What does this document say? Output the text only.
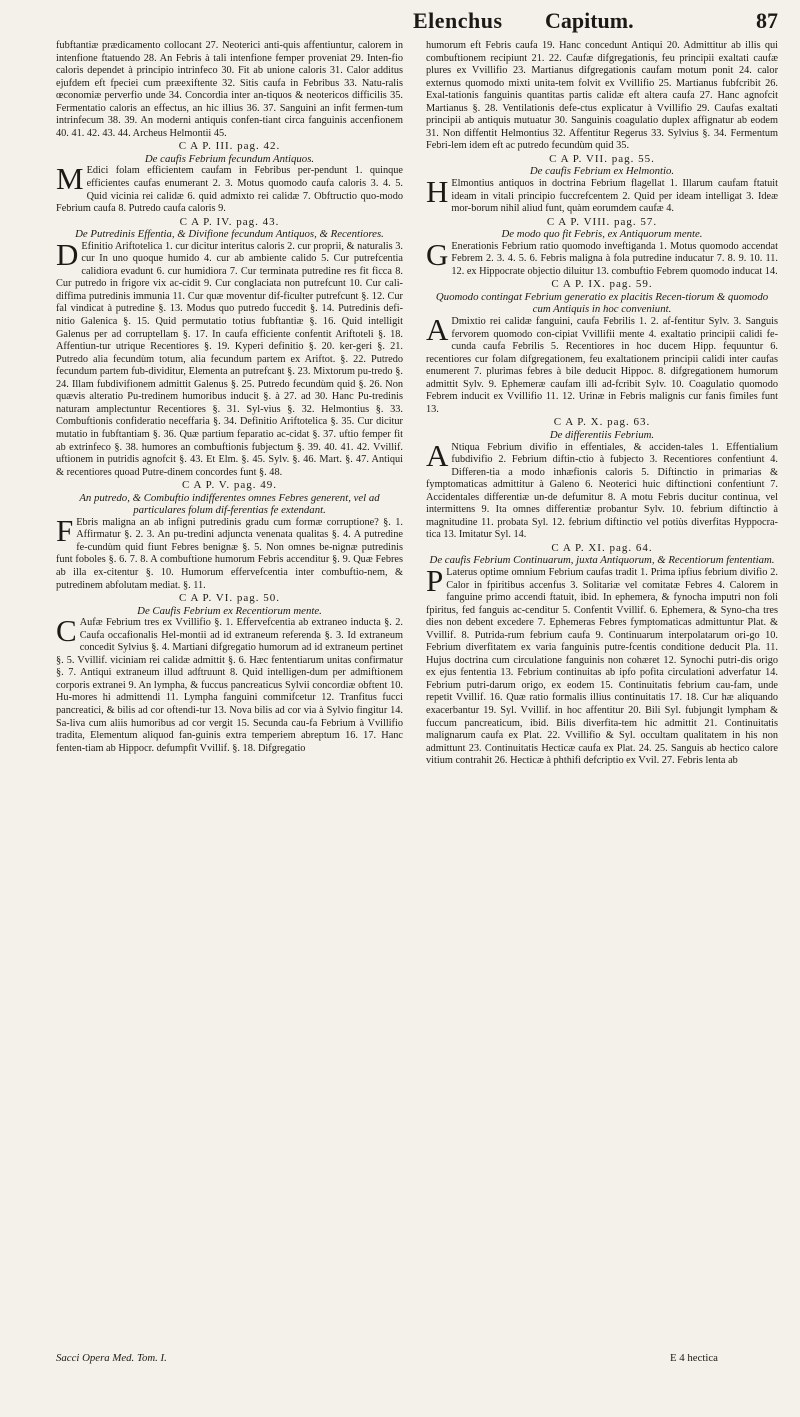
Elenchus Capitum.	87

fubftantiæ prædicamento collocant 27. Neoterici anti-quis affentiuntur, calorem in intenfione ftatuendo 28. An Febris à tali intenfione femper proveniat 29. Inten-fio caloris dependet à principio intrinfeco 30. Fit ab unione caloris 31. Calor additus ejufdem eft fpeciei cum præexiftente 32. Sitis caufa in Febribus 33. Natu-ralis œconomiæ perverfio unde 34. Concordia inter an-tiquos & neotericos difficilis 35. Fermentatio caloris an effectus, an hic illius 36. 37. Sanguini an infit fermen-tum intrinfecum 38. 39. An moderni antiquis confen-tiant circa fanguinis accenfionem 40. 41. 42. 43. 44. Archeus Helmontii 45.

C A P. III. pag. 42.

De caufis Febrium fecundum Antiquos.

M Edici folam efficientem caufam in Febribus per-pendunt 1. quinque efficientes caufas enumerant 2. 3. Motus quomodo caufa caloris 3. 4. 5. Quid vicinia rei calidæ 6. quid admixto rei calidæ 7. Obftructio quo-modo Febrium caufa 8. Putredo caufa caloris 9.

C A P. IV. pag. 43.

De Putredinis Effentia, & Divifione fecundum Antiquos, & Recentiores.

D Efinitio Ariftotelica 1. cur dicitur interitus caloris 2. cur proprii, & naturalis 3. cur In uno quoque humido 4. cur ab ambiente calido 5. Cur putrefcentia calidiora evadunt 6. cur humidiora 7. Cur terminata putredine res fit ficca 8. Cur putredo in frigore vix ac-cidit 9. Cur conglaciata non putrefcunt 10. Cur cali-diffima putredinis immunia 11. Cur quæ moventur dif-ficulter putrefcunt §. 12. Cur fal vindicat à putredine §. 13. Modus quo putredo fuccedit §. 14. Putredinis defi-nitio Galenica §. 15. Quid permutatio totius fubftantiæ §. 16. Quid intelligit Galenus per ad corruptellam §. 17. In caufa efficiente confentit Ariftoteli §. 18. Affentiun-tur utrique Recentiores §. 19. Kyperi definitio §. 20. ker-geri §. 21. Putredo alia fecundùm totum, alia fecundum partem ex Ariftot. §. 22. Putredo fecundum partem fub-dividitur, Elementa an putrefcant §. 23. Mixtorum pu-tredo §. 24. Illam fubdivifionem admittit Galenus §. 25. Putredo fecundùm quid §. 26. Non quævis alteratio Pu-tredinem humoribus inducit §. à 27. ad 30. Hanc Pu-tredinis naturam amplectuntur Recentiores §. 31. Syl-vius §. 32. Helmontius §. 33. Combuftionis confideratio neceffaria §. 34. Definitio Ariftotelica §. 35. Cur dicitur mutatio in fubftantiam §. 36. Quæ partium feparatio ac-cidat §. 37. uftio femper fit ab extrinfeco §. 38. humores an combuftionis fubjectum §. 39. 40. 41. 42. Vvillif. uftionem in putridis agnofcit §. 43. Et Elm. §. 45. Sylv. §. 46. Mart. §. 47. Antiqui & recentiores quoad Putre-dinem concordes funt §. 48.

C A P. V. pag. 49.

An putredo, & Combuftio indifferentes omnes Febres generent, vel ad particulares folum dif-ferentias fe extendant.

F Ebris maligna an ab infigni putredinis gradu cum formæ corruptione? §. 1. Affirmatur §. 2. 3. An pu-tredini adjuncta venenata qualitas §. 4. A putredine fe-cundùm quid fiunt Febres benignæ §. 5. Non omnes be-nignæ putredinis funt foboles §. 6. 7. 8. A combuftione humorum Febris accenditur §. 9. Quæ Febres ab illa ex-citentur §. 10. Humorum effervefcentia inter combuftio-nem, & putredinem abfolutam mediat. §. 11.

C A P. VI. pag. 50.

De Caufis Febrium ex Recentiorum mente.

C Aufæ Febrium tres ex Vvillifio §. 1. Effervefcentia ab extraneo inducta §. 2. Caufa occafionalis Hel-montii ad id extraneum referenda §. 3. Id extraneum concedit Sylvius §. 4. Martiani difgregatio humorum ad id extraneum pertinet §. 5. Vvillif. viciniam rei calidæ admittit §. 6. Hæc fententiarum unitas confirmatur §. 7. Antiqui extraneum illud adftruunt 8. Quid intelligen-dum per admiftionem corporis extranei 9. An lympha, & fuccus pancreaticus Sylvii concordiæ obftent 10. Hu-mores hi admittendi 11. Lympha fanguini commifcetur 12. Tranfitus fucci pancreatici, & bilis ad cor oftendi-tur 13. Nova bilis ad cor via à Sylvio fingitur 14. Sa-liva cum aliis humoribus ad cor vergit 15. Secunda cau-fa Febrium à Vvillifio tradita, Elementum aliquod fan-guinis extra temperiem abreptum 16. 17. Hanc fenten-tiam ab Hippocr. defumpfit Vvillif. §. 18. Difgregatio

humorum eft Febris caufa 19. Hanc concedunt Antiqui 20. Admittitur ab illis qui combuftionem recipiunt 21. 22. Caufæ difgregationis, feu principii exaltati caufæ plures ex Vvillifio 23. Martianus difgregationis caufam motum ponit 24. calor externus quomodo mixti unita-tem folvit ex Vvillifio 25. Martianus fubfcribit 26. Exal-tationis fanguinis quantitas partis calidæ eft altera caufa 27. Hanc agnofcit Martianus §. 28. Ventilationis defe-ctus explicatur à Vvillifio 29. Caufas exaltati principii ab antiquis mutuatur 30. Sanguinis coagulatio duplex affignatur ab eodem 31. Non diffentit Helmontius 32. Affentitur Regerus 33. Sylvius §. 34. Fermentum Febri-lem idem eft ac putredo fecundùm quid 35.

C A P. VII. pag. 55.

De caufis Febrium ex Helmontio.

H Elmontius antiquos in doctrina Febrium flagellat 1. Illarum caufam ftatuit ideam in vitali principio fuccrefcentem 2. Quid per ideam intelligat 3. Ideæ mor-borum nihil aliud funt, quàm eorumdem caufæ 4.

C A P. VIII. pag. 57.

De modo quo fit Febris, ex Antiquorum mente.

G Enerationis Febrium ratio quomodo inveftiganda 1. Motus quomodo accendat Febrem 2. 3. 4. 5. 6. Febris maligna à fola putredine inducatur 7. 8. 9. 10. 11. 12. ex Hippocrate objectio diluitur 13. combuftio Febrem quomodo inducat 14.

C A P. IX. pag. 59.

Quomodo contingat Febrium generatio ex placitis Recen-tiorum & quomodo cum Antiquis in hoc conveniunt.

A Dmixtio rei calidæ fanguini, caufa Febrilis 1. 2. af-fentitur Sylv. 3. Sanguis fervorem quomodo con-cipiat Vvillifii mente 4. exaltatio principii calidi fe-cunda caufa Febrilis 5. Recentiores in hoc ducem Hipp. fequuntur 6. recentiores cur folam difgregationem, feu exaltationem principii calidi inter caufas enumerent 7. plurimas febres à bile deducit Hippoc. 8. difgregationem humorum admittit Sylv. 9. Ephemeræ caufam illi ad-fcribit Sylv. 10. Coagulatio quomodo Febrem inducit ex Vvillifio 11. 12. Urinæ in Febris malignis cur fanis fimiles funt 13.

C A P. X. pag. 63.

De differentiis Febrium.

A Ntiqua Febrium divifio in effentiales, & acciden-tales 1. Effentialium fubdivifio 2. Febrium diftin-ctio à fubjecto 3. Recentiores confentiunt 4. Differen-tia a modo inhæfionis caloris 5. Diftinctio in primarias & fymptomaticas admittitur à Galeno 6. Neoterici huic diftinctioni confentiunt 7. Accidentales differentiæ un-de defumitur 8. A motu Febris ducitur continua, vel intermittens 9. Ita omnes differentiæ probantur Sylv. 10. febrium diftinctio à magnitudine 11. probata Syl. 12. febrium diftinctio vel potiùs diverfitas Hyppocra-tica 13. Imitatur Syl. 14.

C A P. XI. pag. 64.

De caufis Febrium Continuarum, juxta Antiquorum, & Recentiorum fententiam.

P Laterus optime omnium Febrium caufas tradit 1. Prima ipfius febrium divifio 2. Calor in fpiritibus accenfus 3. Solitariæ vel comitatæ Febres 4. Calorem in fanguine primo accendi ftatuit, ibid. In ephemera, & fynocha imputri non foli fpiritus, fed fanguis ac-cenditur 5. Confentit Vvillif. 6. Ephemera, & Syno-cha tres dies non debent excedere 7. Ephemeras Febres fymptomaticas admittuntur Plat. & Vvillif. 8. Putrida-rum febrium caufa 9. Continuarum interpolatarum ori-go 10. Febrium diverfitatem ex varia fanguinis putre-fcentis conditione deducit Pla. 11. Hujus doctrina cum circulatione fanguinis non cohæret 12. Synochi putri-dis origo ex ejus fententia 13. Febrium continuitas ab ipfo pofita circulationi adverfatur 14. Febrium putri-darum origo, ex eodem 15. Continuitatis febrium cau-fam, unde repetit Vvillif. 16. Quæ ratio formalis illius continuitatis 17. 18. Cur hæ aliquando exacerbantur 19. Syl. Vvillif. in hoc affentitur 20. Bili Syl. fubjungit lympham & fuccum pancreaticum, ibid. Bilis diverfita-tem hic admittit 21. Continuitatis malignarum caufa ex Plat. 22. Vvillifio & Syl. occultam qualitatem in his non admittunt 23. Continuitatis Hecticæ caufa ex Plat. 24. 25. Sanguis ab hectico calore vitium contrahit 26. Hecticæ à phthifi defcriptio ex Vvil. 27. Febris lenta ab

Sacci Opera Med. Tom. I.	E 4 hectica
